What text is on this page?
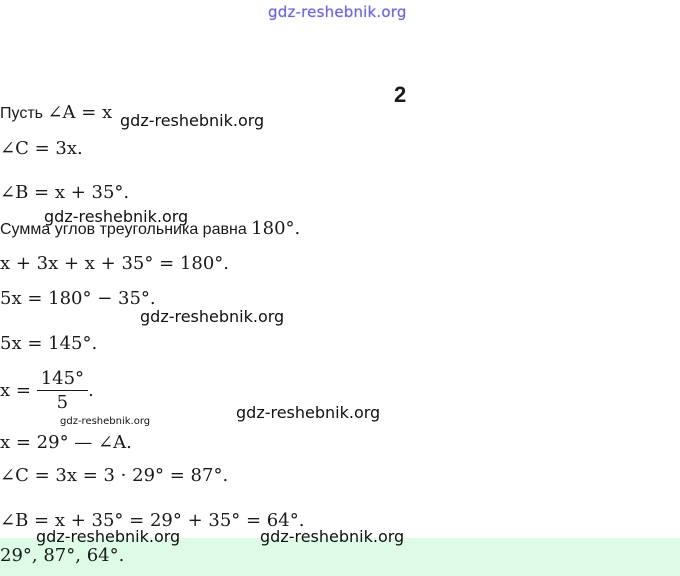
gdz-reshebnik.org
2
Пусть ∠A = x gdz-reshebnik.org
∠C = 3x.
∠B = x + 35°.
gdz-reshebnik.org
Сумма углов треугольника равна 180°.
x + 3x + x + 35° = 180°.
5x = 180° − 35°.
gdz-reshebnik.org
5x = 145°.
$x = \frac{145^\circ}{5}$ .
gdz-reshebnik.org
gdz-reshebnik.org
x = 29° — ∠A.
∠C = 3x = 3 · 29° = 87°.
∠B = x + 35° = 29° + 35° = 64°.
29°, 87°, 64°.
gdz-reshebnik.org	gdz-reshebnik.org
